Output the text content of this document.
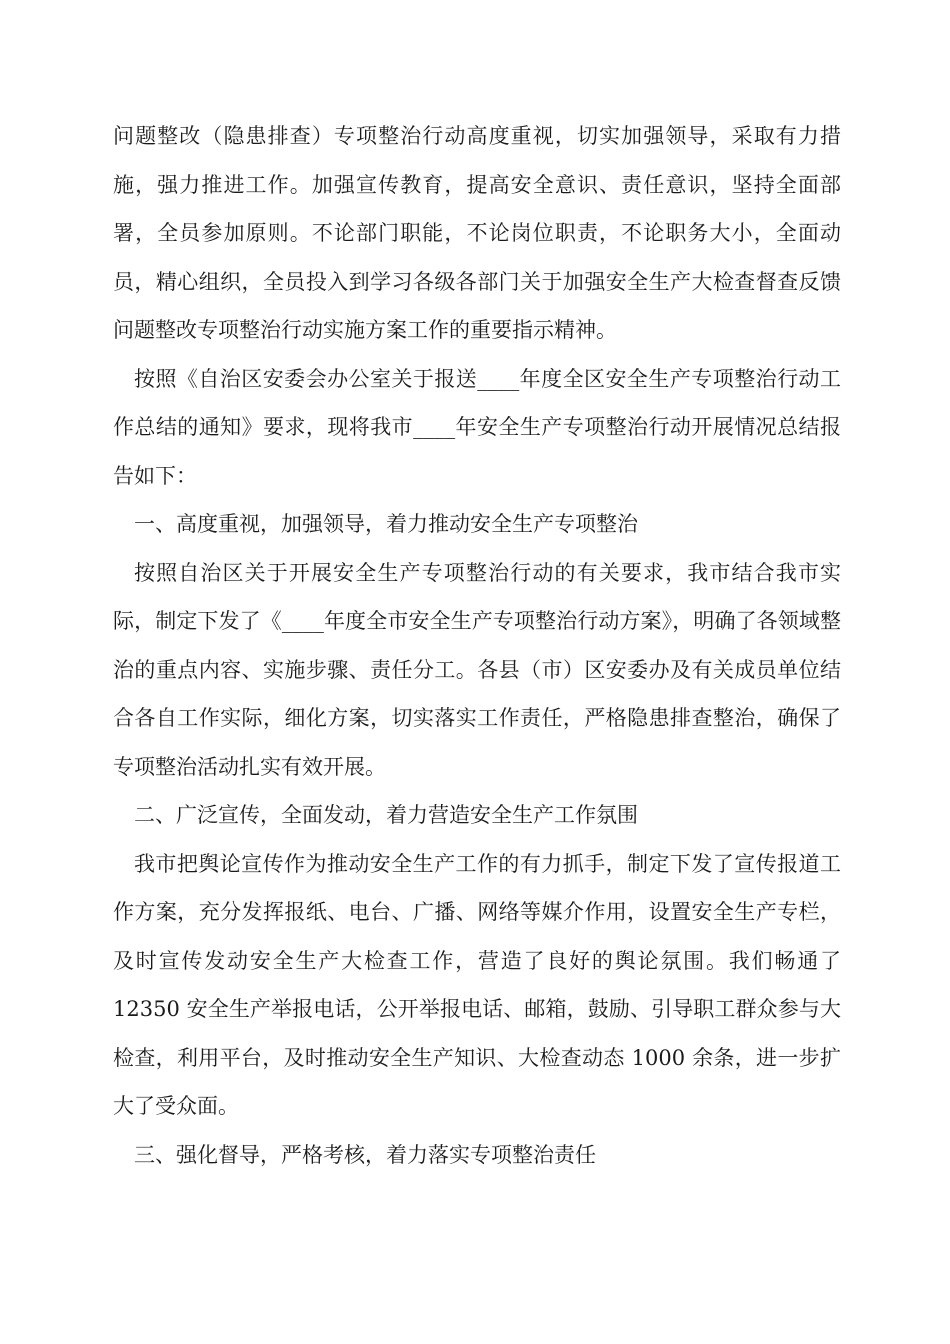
问题整改（隐患排查）专项整治行动高度重视，切实加强领导，采取有力措施，强力推进工作。加强宣传教育，提高安全意识、责任意识，坚持全面部署，全员参加原则。不论部门职能，不论岗位职责，不论职务大小，全面动员，精心组织，全员投入到学习各级各部门关于加强安全生产大检查督查反馈问题整改专项整治行动实施方案工作的重要指示精神。

按照《自治区安委会办公室关于报送____年度全区安全生产专项整治行动工作总结的通知》要求，现将我市____年安全生产专项整治行动开展情况总结报告如下：

一、高度重视，加强领导，着力推动安全生产专项整治

按照自治区关于开展安全生产专项整治行动的有关要求，我市结合我市实际，制定下发了《____年度全市安全生产专项整治行动方案》，明确了各领域整治的重点内容、实施步骤、责任分工。各县（市）区安委办及有关成员单位结合各自工作实际，细化方案，切实落实工作责任，严格隐患排查整治，确保了专项整治活动扎实有效开展。

二、广泛宣传，全面发动，着力营造安全生产工作氛围

我市把舆论宣传作为推动安全生产工作的有力抓手，制定下发了宣传报道工作方案，充分发挥报纸、电台、广播、网络等媒介作用，设置安全生产专栏，及时宣传发动安全生产大检查工作，营造了良好的舆论氛围。我们畅通了 12350 安全生产举报电话，公开举报电话、邮箱，鼓励、引导职工群众参与大检查，利用平台，及时推动安全生产知识、大检查动态 1000 余条，进一步扩大了受众面。

三、强化督导，严格考核，着力落实专项整治责任
